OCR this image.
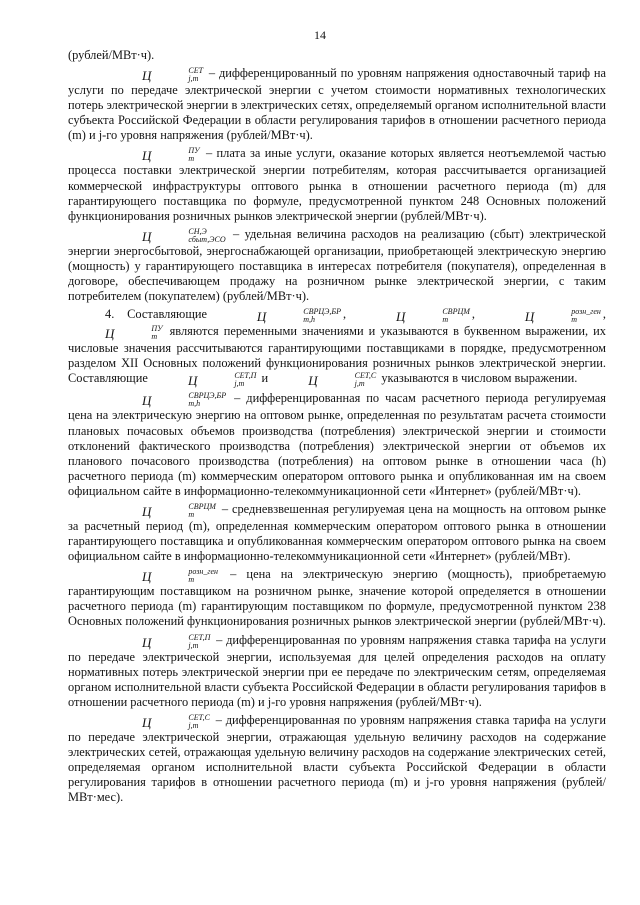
14

(рублей/МВт·ч).

Ц	СЕТ
j,m – дифференцированный по уровням напряжения одноставочный тариф на услуги по передаче электрической энергии с учетом стоимости нормативных технологических потерь электрической энергии в электрических сетях, определяемый органом исполнительной власти субъекта Российской Федерации в области регулирования тарифов в отношении расчетного периода (m) и j-го уровня напряжения (рублей/МВт·ч).

Ц	ПУ
m – плата за иные услуги, оказание которых является неотъемлемой частью процесса поставки электрической энергии потребителям, которая рассчитывается организацией коммерческой инфраструктуры оптового рынка в отношении расчетного периода (m) для гарантирующего поставщика по формуле, предусмотренной пунктом 248 Основных положений функционирования розничных рынков электрической энергии (рублей/МВт·ч).

Ц	СН,Э
сбыт,ЭСО – удельная величина расходов на реализацию (сбыт) электрической энергии энергосбытовой, энергоснабжающей организации, приобретающей электрическую энергию (мощность) у гарантирующего поставщика в интересах потребителя (покупателя), определенная в договоре, обеспечивающем продажу на розничном рынке электрической энергии, с таким потребителем (покупателем) (рублей/МВт·ч).

4. Составляющие	Ц	СВРЦЭ,БР
m,h	,	Ц	СВРЦМ
m	,	Ц	розн_ген
m	, Ц	ПУ
m являются переменными значениями и указываются в буквенном выражении, их числовые значения рассчитываются гарантирующими поставщиками в порядке, предусмотренном разделом XII Основных положений функционирования розничных рынков электрической энергии. Составляющие	Ц	СЕТ,П
j,m	и	Ц	СЕТ,С
j,m	указываются в числовом выражении.

Ц	СВРЦЭ,БР
m,h	– дифференцированная по часам расчетного периода регулируемая цена на электрическую энергию на оптовом рынке, определенная по результатам расчета стоимости плановых почасовых объемов производства (потребления) электрической энергии и стоимости отклонений фактического производства (потребления) электрической энергии от объемов их планового почасового производства (потребления) на оптовом рынке в отношении часа (h) расчетного периода (m) коммерческим оператором оптового рынка и опубликованная им на своем официальном сайте в информационно-телекоммуникационной сети «Интернет» (рублей/МВт·ч).

Ц	СВРЦМ
m	– средневзвешенная регулируемая цена на мощность на оптовом рынке за расчетный период (m), определенная коммерческим оператором оптового рынка в отношении гарантирующего поставщика и опубликованная коммерческим оператором оптового рынка на своем официальном сайте в информационно-телекоммуникационной сети «Интернет» (рублей/МВт).

Ц	розн_ген
m	– цена на электрическую энергию (мощность), приобретаемую гарантирующим поставщиком на розничном рынке, значение которой определяется в отношении расчетного периода (m) гарантирующим поставщиком по формуле, предусмотренной пунктом 238 Основных положений функционирования розничных рынков электрической энергии (рублей/МВт·ч).

Ц	СЕТ,П
j,m	– дифференцированная по уровням напряжения ставка тарифа на услуги по передаче электрической энергии, используемая для целей определения расходов на оплату нормативных потерь электрической энергии при ее передаче по электрическим сетям, определяемая органом исполнительной власти субъекта Российской Федерации в области регулирования тарифов в отношении расчетного периода (m) и j-го уровня напряжения (рублей/МВт·ч).

Ц	СЕТ,С
j,m	– дифференцированная по уровням напряжения ставка тарифа на услуги по передаче электрической энергии, отражающая удельную величину расходов на содержание электрических сетей, отражающая удельную величину расходов на содержание электрических сетей, определяемая органом исполнительной власти субъекта Российской Федерации в области регулирования тарифов в отношении расчетного периода (m) и j-го уровня напряжения (рублей/МВт·мес).
